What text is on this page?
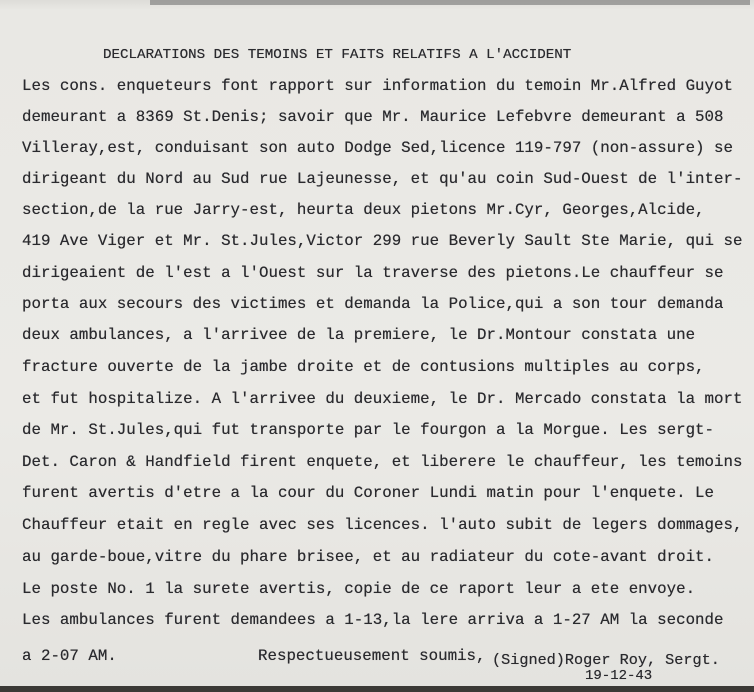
DECLARATIONS DES TEMOINS ET FAITS RELATIFS A L'ACCIDENT
Les cons. enqueteurs font rapport sur information du temoin Mr.Alfred Guyot
demeurant a 8369 St.Denis; savoir que Mr. Maurice Lefebvre demeurant a 508
Villeray,est, conduisant son auto Dodge Sed,licence 119-797 (non-assure) se
dirigeant du Nord au Sud rue Lajeunesse, et qu'au coin Sud-Ouest de l'inter-
section,de la rue Jarry-est, heurta deux pietons Mr.Cyr, Georges,Alcide,
419 Ave Viger et Mr. St.Jules,Victor 299 rue Beverly Sault Ste Marie, qui se
dirigeaient de l'est a l'Ouest sur la traverse des pietons.Le chauffeur se
porta aux secours des victimes et demanda la Police,qui a son tour demanda
deux ambulances, a l'arrivee de la premiere, le Dr.Montour constata une
fracture ouverte de la jambe droite et de contusions multiples au corps,
et fut hospitalize. A l'arrivee du deuxieme, le Dr. Mercado constata la mort
de Mr. St.Jules,qui fut transporte par le fourgon a la Morgue. Les sergt-
Det. Caron & Handfield firent enquete, et liberere le chauffeur, les temoins
furent avertis d'etre a la cour du Coroner Lundi matin pour l'enquete. Le
Chauffeur etait en regle avec ses licences. l'auto subit de legers dommages,
au garde-boue,vitre du phare brisee, et au radiateur du cote-avant droit.
Le poste No. 1 la surete avertis, copie de ce raport leur a ete envoye.
Les ambulances furent demandees a 1-13,la lere arriva a 1-27 AM la seconde
a 2-07 AM.	Respectueusement soumis, (Signed)Roger Roy, Sergt.
19-12-43
